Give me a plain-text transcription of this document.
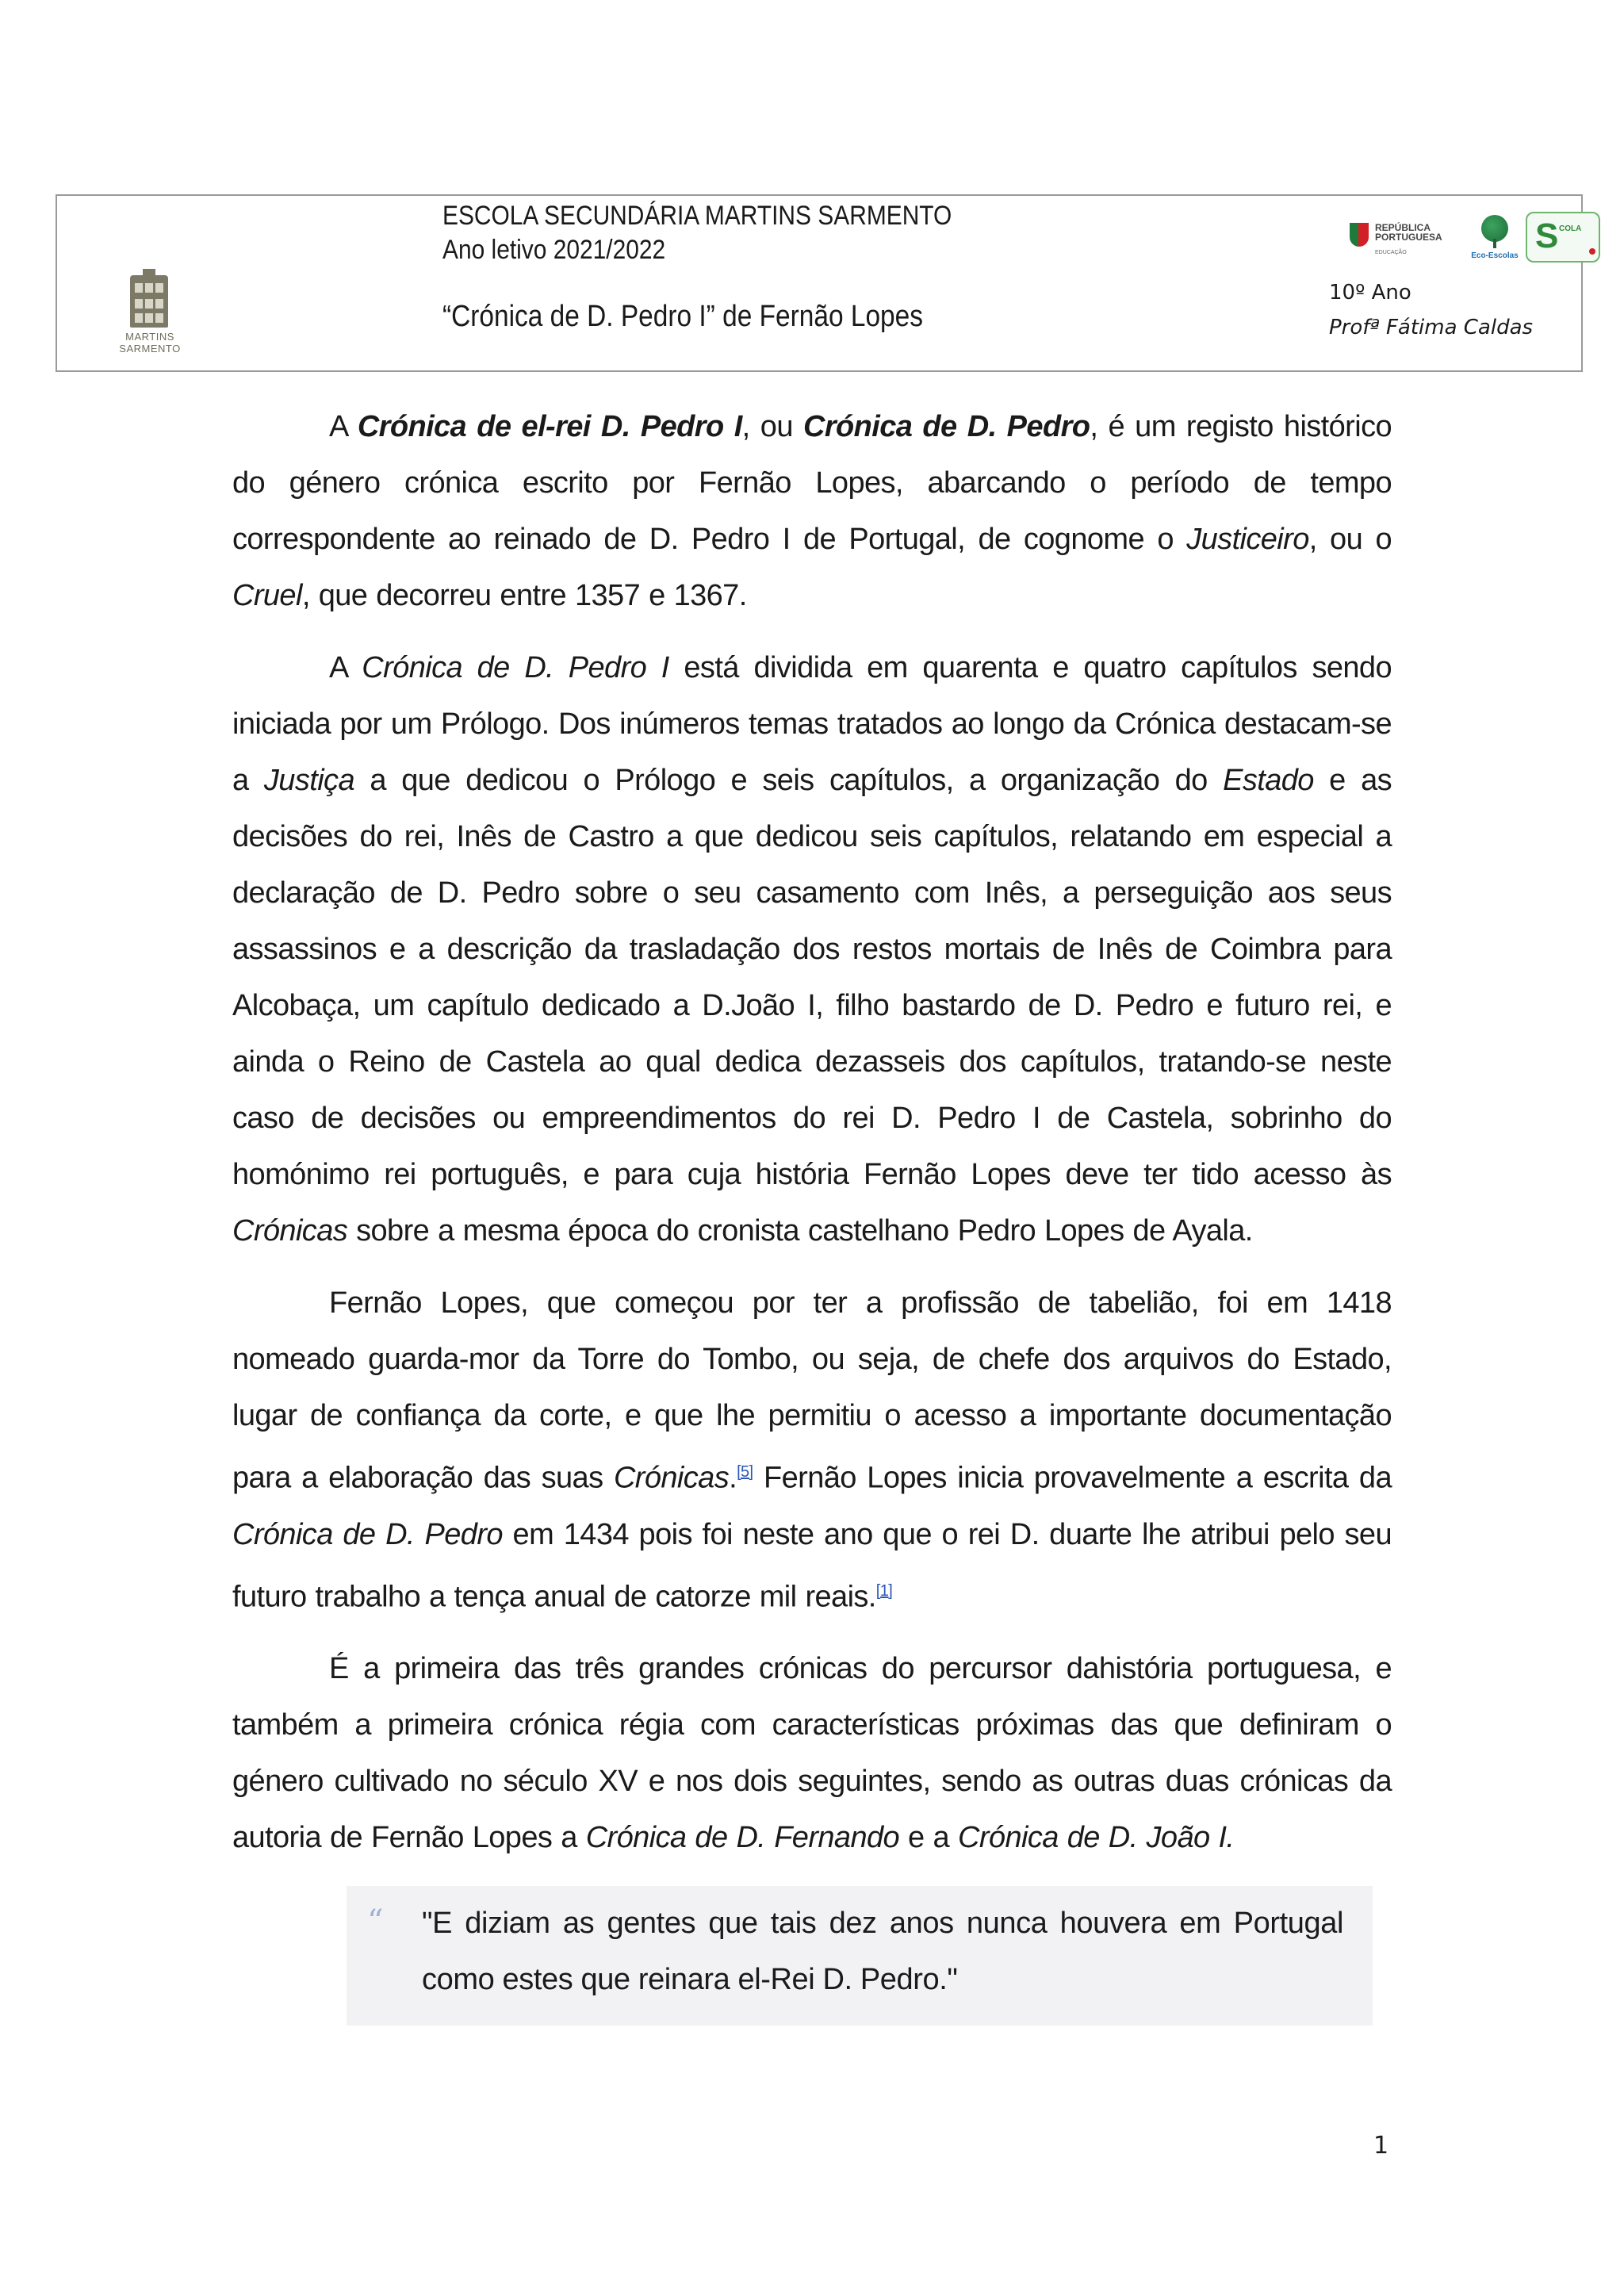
MARTINS SARMENTO
ESCOLA SECUNDÁRIA MARTINS SARMENTO
Ano letivo 2021/2022
“Crónica de D. Pedro I” de Fernão Lopes
REPÚBLICA
PORTUGUESA
EDUCAÇÃO	Eco-Escolas
S COLA
10º Ano
Profª Fátima Caldas

A Crónica de el-rei D. Pedro I, ou Crónica de D. Pedro, é um registo histórico do género crónica escrito por Fernão Lopes, abarcando o período de tempo correspondente ao reinado de D. Pedro I de Portugal, de cognome o Justiceiro, ou o Cruel, que decorreu entre 1357 e 1367.

A Crónica de D. Pedro I está dividida em quarenta e quatro capítulos sendo iniciada por um Prólogo. Dos inúmeros temas tratados ao longo da Crónica destacam-se a Justiça a que dedicou o Prólogo e seis capítulos, a organização do Estado e as decisões do rei, Inês de Castro a que dedicou seis capítulos, relatando em especial a declaração de D. Pedro sobre o seu casamento com Inês, a perseguição aos seus assassinos e a descrição da trasladação dos restos mortais de Inês de Coimbra para Alcobaça, um capítulo dedicado a D.João I, filho bastardo de D. Pedro e futuro rei, e ainda o Reino de Castela ao qual dedica dezasseis dos capítulos, tratando-se neste caso de decisões ou empreendimentos do rei D. Pedro I de Castela, sobrinho do homónimo rei português, e para cuja história Fernão Lopes deve ter tido acesso às Crónicas sobre a mesma época do cronista castelhano Pedro Lopes de Ayala.

Fernão Lopes, que começou por ter a profissão de tabelião, foi em 1418 nomeado guarda-mor da Torre do Tombo, ou seja, de chefe dos arquivos do Estado, lugar de confiança da corte, e que lhe permitiu o acesso a importante documentação para a elaboração das suas Crónicas.[5] Fernão Lopes inicia provavelmente a escrita da Crónica de D. Pedro em 1434 pois foi neste ano que o rei D. duarte lhe atribui pelo seu futuro trabalho a tença anual de catorze mil reais.[1]

É a primeira das três grandes crónicas do percursor dahistória portuguesa, e também a primeira crónica régia com características próximas das que definiram o género cultivado no século XV e nos dois seguintes, sendo as outras duas crónicas da autoria de Fernão Lopes a Crónica de D. Fernando e a Crónica de D. João I.

“ "E diziam as gentes que tais dez anos nunca houvera em Portugal como estes que reinara el-Rei D. Pedro."
1
